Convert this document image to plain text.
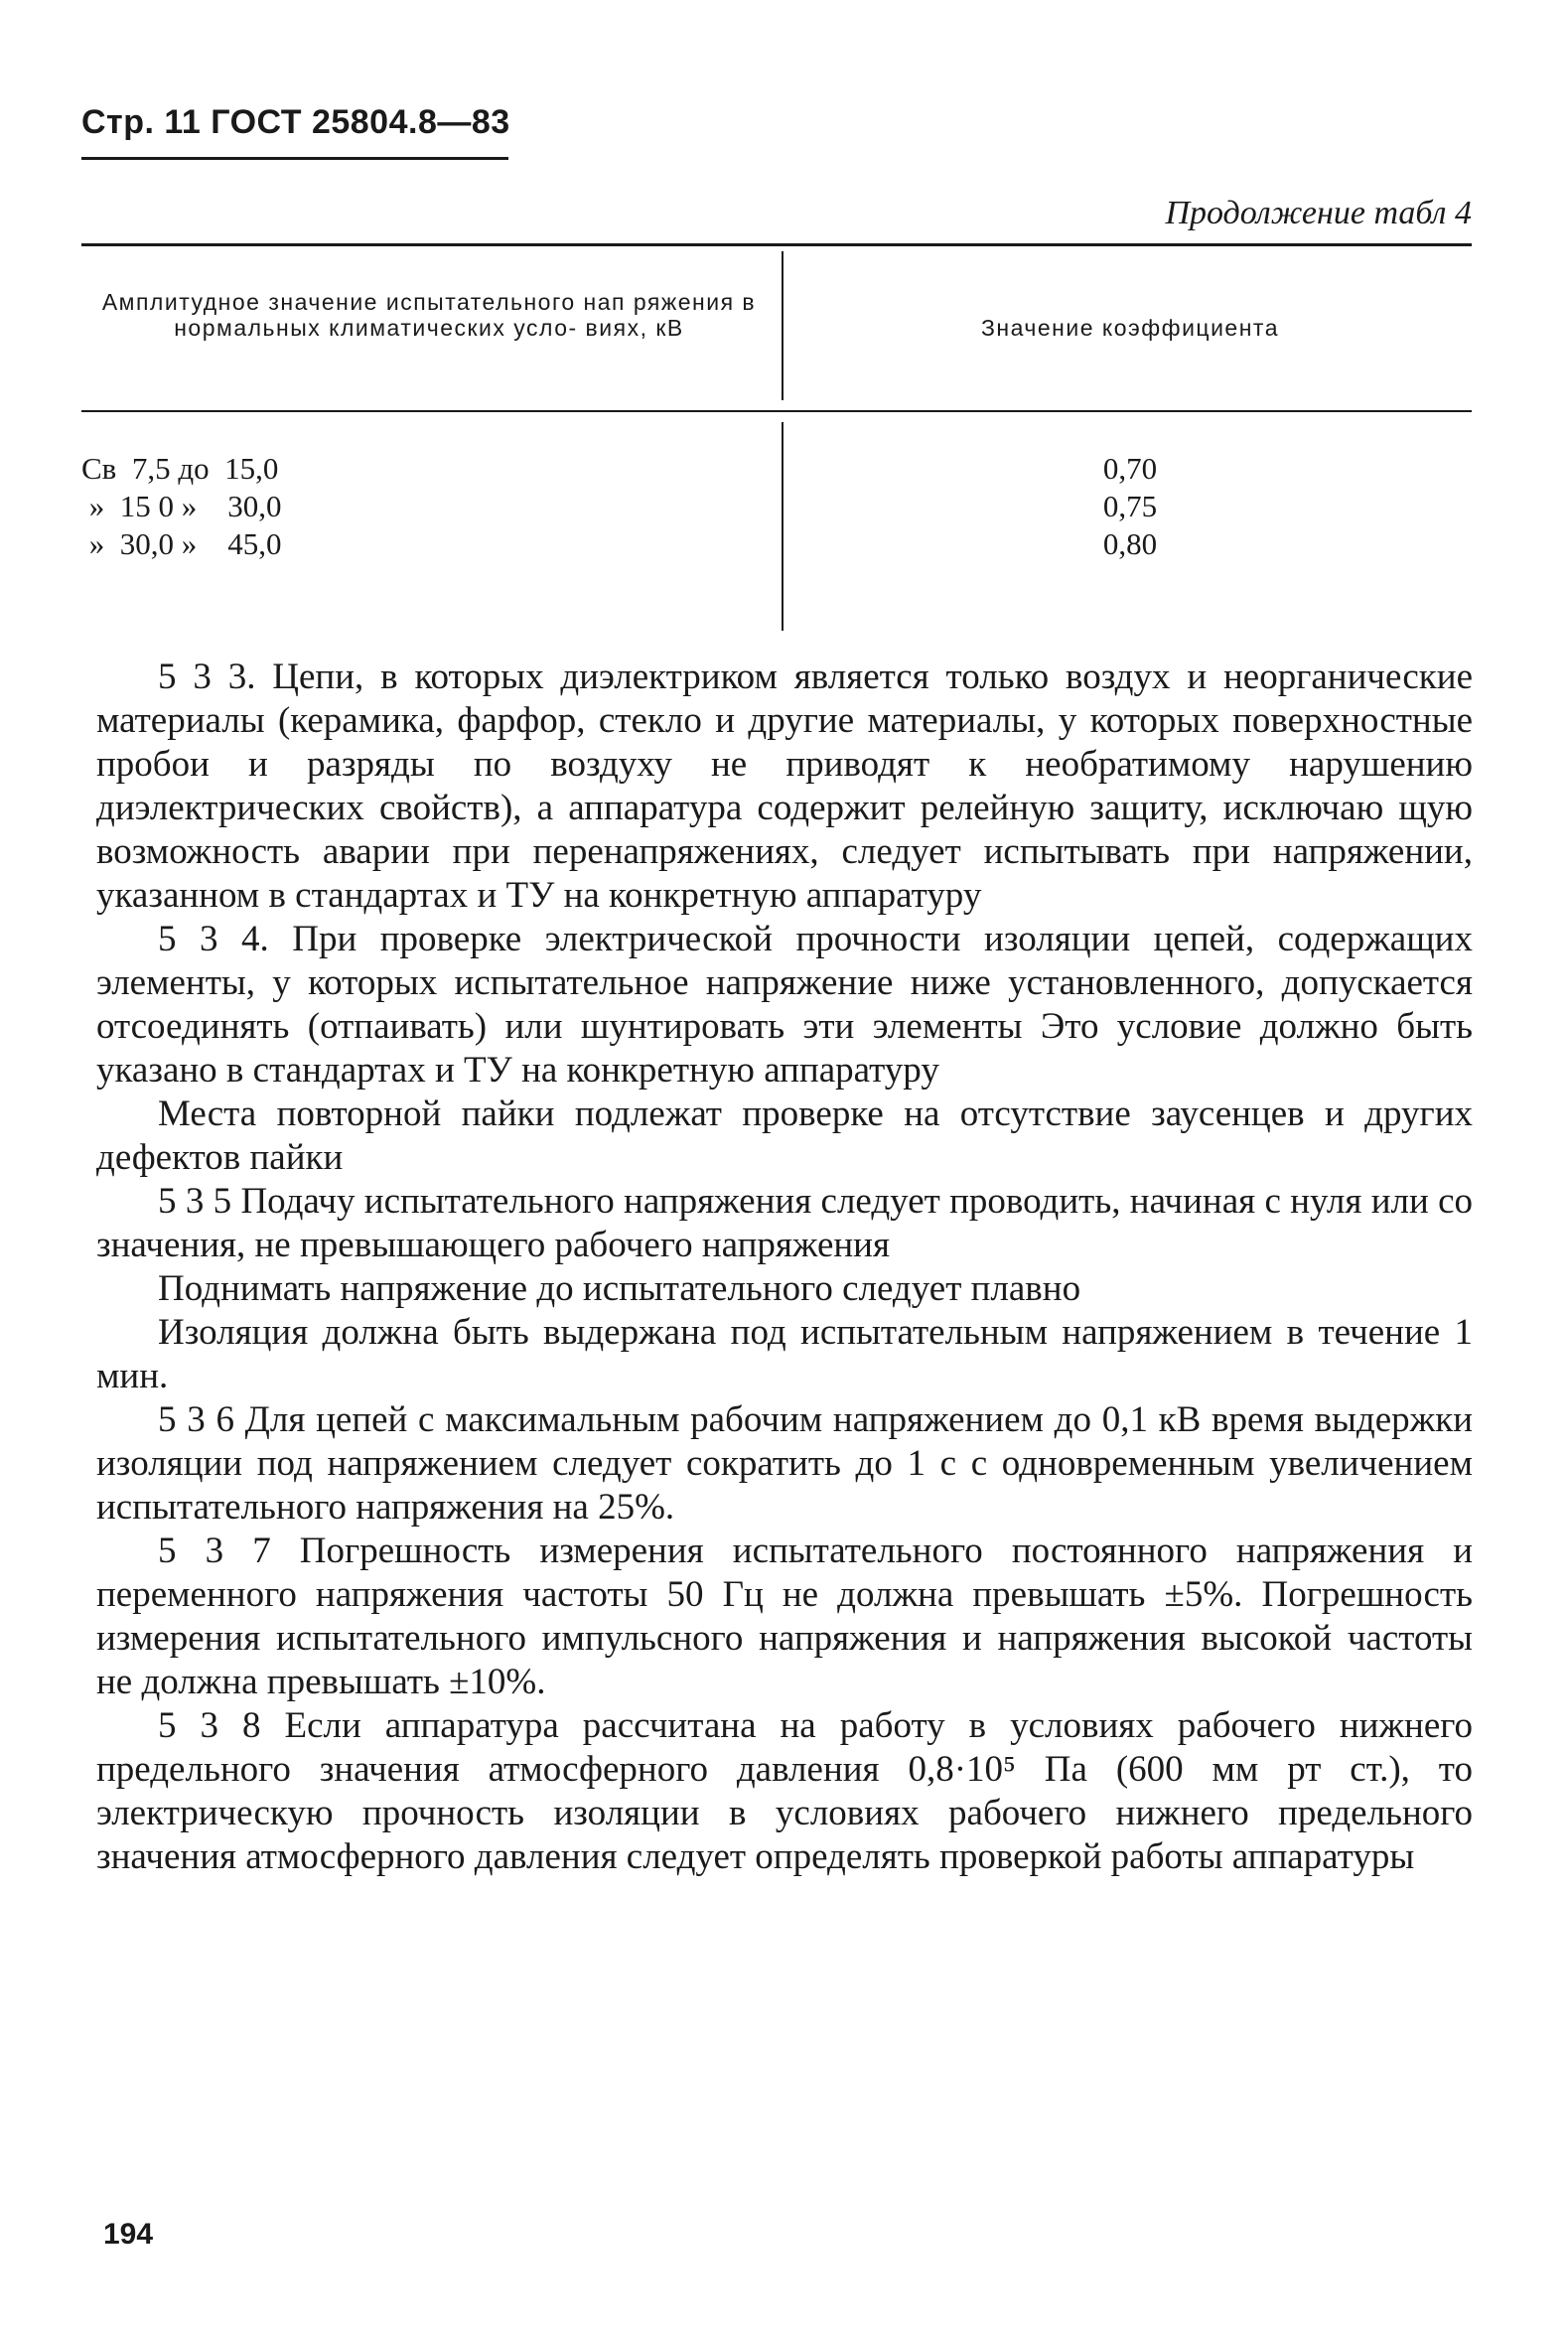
Стр. 11 ГОСТ 25804.8—83
Продолжение табл 4
Амплитудное значение испытательного нап ряжения в нормальных климатических усло- виях, кВ	Значение коэффициента
Св  7,5 до  15,0
»  15 0 »    30,0
»  30,0 »    45,0
0,70
0,75
0,80

5 3 3. Цепи, в которых диэлектриком является только воздух и неорганические материалы (керамика, фарфор, стекло и другие материалы, у которых поверхностные пробои и разряды по воздуху не приводят к необратимому нарушению диэлектрических свойств), а аппаратура содержит релейную защиту, исключаю щую возможность аварии при перенапряжениях, следует испытывать при напряжении, указанном в стандартах и ТУ на конкретную аппаратуру

5 3 4. При проверке электрической прочности изоляции цепей, содержащих элементы, у которых испытательное напряжение ниже установленного, допускается отсоединять (отпаивать) или шунтировать эти элементы Это условие должно быть указано в стандартах и ТУ на конкретную аппаратуру

Места повторной пайки подлежат проверке на отсутствие заусенцев и других дефектов пайки

5 3 5 Подачу испытательного напряжения следует проводить, начиная с нуля или со значения, не превышающего рабочего напряжения

Поднимать напряжение до испытательного следует плавно

Изоляция должна быть выдержана под испытательным напряжением в течение 1 мин.

5 3 6 Для цепей с максимальным рабочим напряжением до 0,1 кВ время выдержки изоляции под напряжением следует сократить до 1 с с одновременным увеличением испытательного напряжения на 25%.

5 3 7 Погрешность измерения испытательного постоянного напряжения и переменного напряжения частоты 50 Гц не должна превышать ±5%. Погрешность измерения испытательного импульсного напряжения и напряжения высокой частоты не должна превышать ±10%.

5 3 8 Если аппаратура рассчитана на работу в условиях рабочего нижнего предельного значения атмосферного давления 0,8·10⁵ Па (600 мм рт ст.), то электрическую прочность изоляции в условиях рабочего нижнего предельного значения атмосферного давления следует определять проверкой работы аппаратуры

194
